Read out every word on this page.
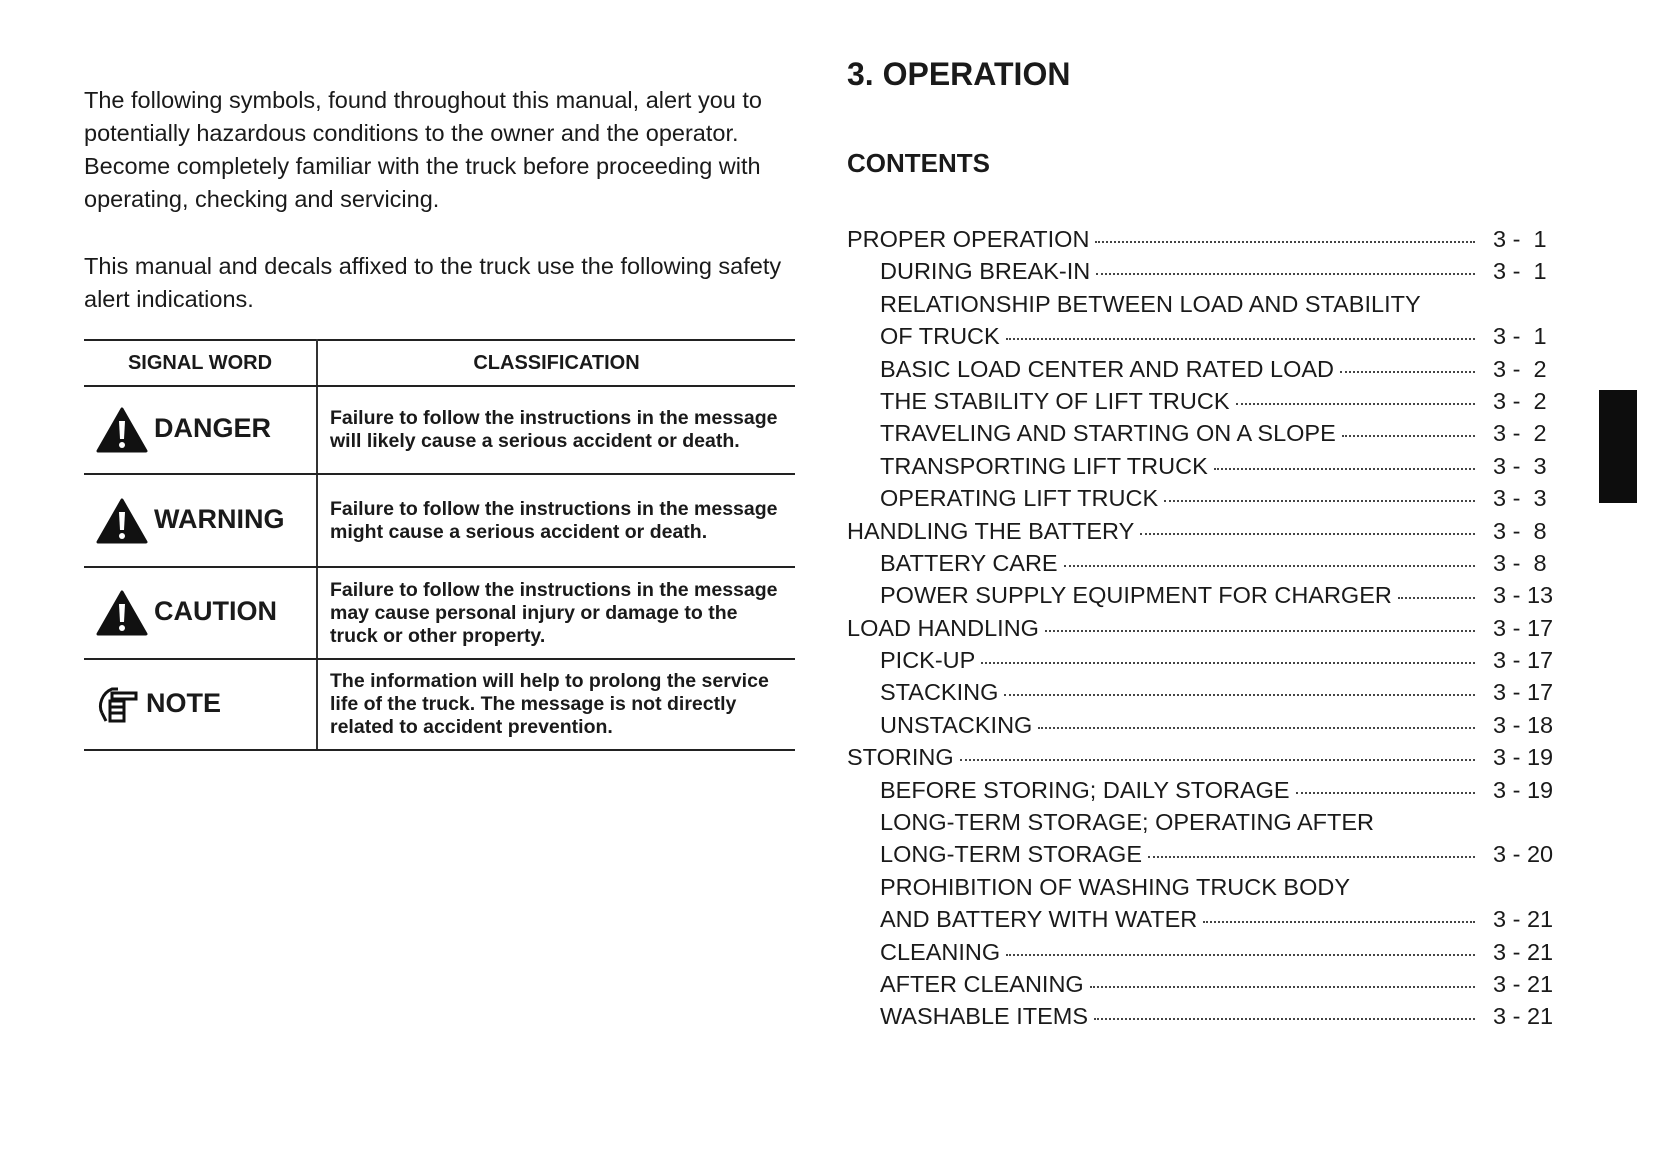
The following symbols, found throughout this manual, alert you to potentially hazardous conditions to the owner and the operator. Become completely familiar with the truck before proceeding with operating, checking and servicing.
This manual and decals affixed to the truck use the following safety alert indications.
SIGNAL WORD	CLASSIFICATION
DANGER	Failure to follow the instructions in the message will likely cause a serious accident or death.
WARNING	Failure to follow the instructions in the message might cause a serious accident or death.
CAUTION	Failure to follow the instructions in the message may cause personal injury or damage to the truck or other property.
NOTE	The information will help to prolong the service life of the truck. The message is not directly related to accident prevention.
3. OPERATION
CONTENTS
PROPER OPERATION	3 -  1
DURING BREAK-IN	3 -  1
RELATIONSHIP BETWEEN LOAD AND STABILITY
OF TRUCK	3 -  1
BASIC LOAD CENTER AND RATED LOAD	3 -  2
THE STABILITY OF LIFT TRUCK	3 -  2
TRAVELING AND STARTING ON A SLOPE	3 -  2
TRANSPORTING LIFT TRUCK	3 -  3
OPERATING LIFT TRUCK	3 -  3
HANDLING THE BATTERY	3 -  8
BATTERY CARE	3 -  8
POWER SUPPLY EQUIPMENT FOR CHARGER	3 - 13
LOAD HANDLING	3 - 17
PICK-UP	3 - 17
STACKING	3 - 17
UNSTACKING	3 - 18
STORING	3 - 19
BEFORE STORING; DAILY STORAGE	3 - 19
LONG-TERM STORAGE; OPERATING AFTER
LONG-TERM STORAGE	3 - 20
PROHIBITION OF WASHING TRUCK BODY
AND BATTERY WITH WATER	3 - 21
CLEANING	3 - 21
AFTER CLEANING	3 - 21
WASHABLE ITEMS	3 - 21
